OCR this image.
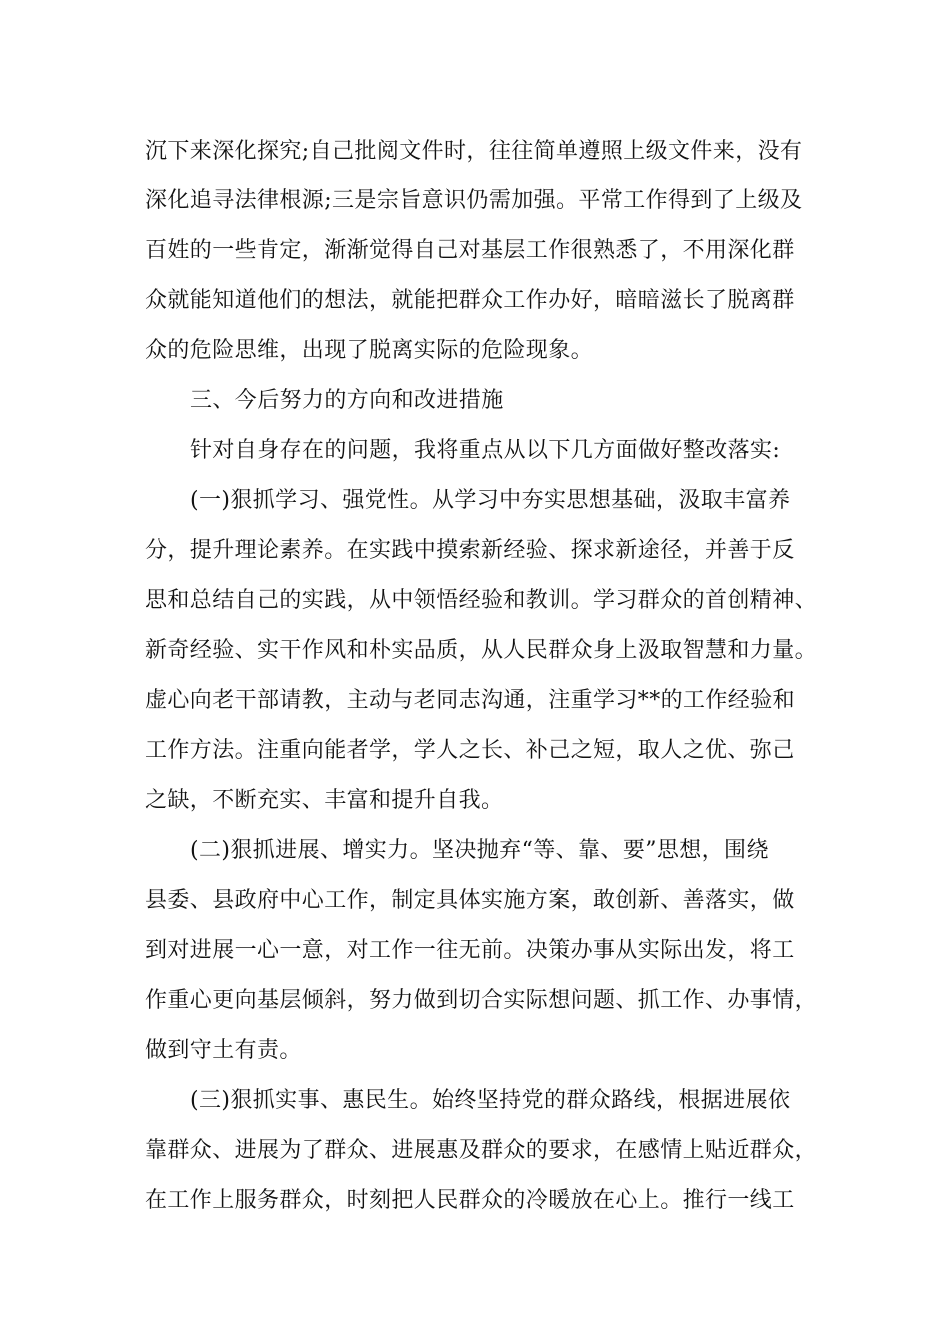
沉下来深化探究;自己批阅文件时，往往简单遵照上级文件来，没有
深化追寻法律根源;三是宗旨意识仍需加强。平常工作得到了上级及
百姓的一些肯定，渐渐觉得自己对基层工作很熟悉了，不用深化群
众就能知道他们的想法，就能把群众工作办好，暗暗滋长了脱离群
众的危险思维，出现了脱离实际的危险现象。
三、今后努力的方向和改进措施
针对自身存在的问题，我将重点从以下几方面做好整改落实:
(一)狠抓学习、强党性。从学习中夯实思想基础，汲取丰富养
分，提升理论素养。在实践中摸索新经验、探求新途径，并善于反
思和总结自己的实践，从中领悟经验和教训。学习群众的首创精神、
新奇经验、实干作风和朴实品质，从人民群众身上汲取智慧和力量。
虚心向老干部请教，主动与老同志沟通，注重学习**的工作经验和
工作方法。注重向能者学，学人之长、补己之短，取人之优、弥己
之缺，不断充实、丰富和提升自我。
(二)狠抓进展、增实力。坚决抛弃“等、靠、要”思想，围绕
县委、县政府中心工作，制定具体实施方案，敢创新、善落实，做
到对进展一心一意，对工作一往无前。决策办事从实际出发，将工
作重心更向基层倾斜，努力做到切合实际想问题、抓工作、办事情，
做到守土有责。
(三)狠抓实事、惠民生。始终坚持党的群众路线，根据进展依
靠群众、进展为了群众、进展惠及群众的要求，在感情上贴近群众，
在工作上服务群众，时刻把人民群众的冷暖放在心上。推行一线工
